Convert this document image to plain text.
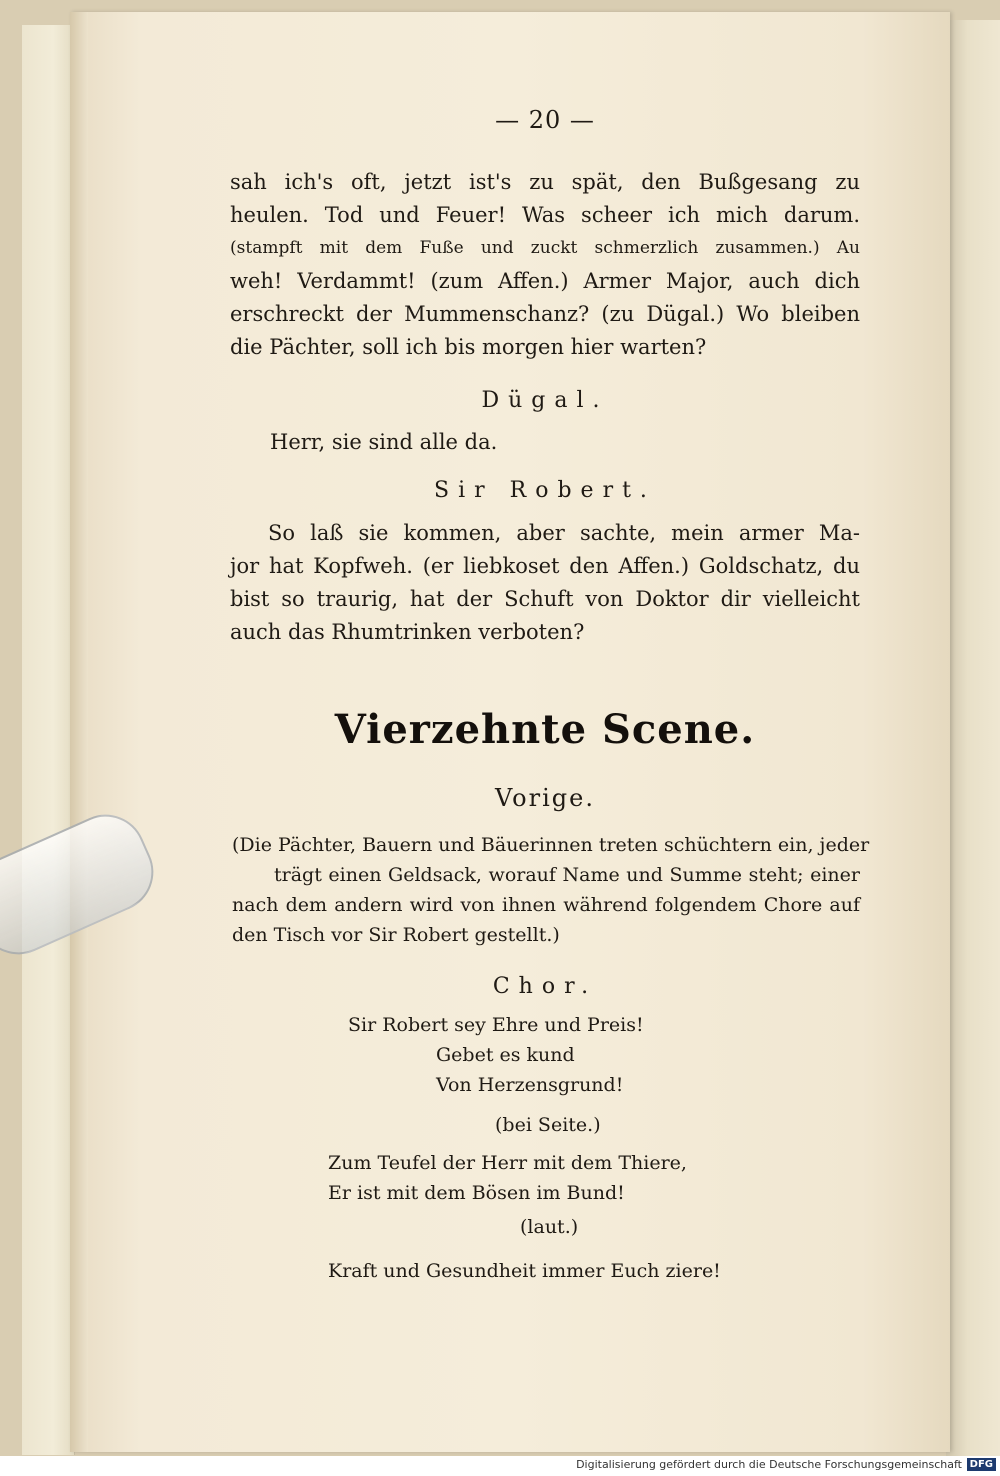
— 20 —
sah ich's oft, jetzt ist's zu spät, den Bußgesang zu
heulen. Tod und Feuer! Was scheer ich mich darum.
(stampft mit dem Fuße und zuckt schmerzlich zusammen.) Au
weh! Verdammt! (zum Affen.) Armer Major, auch dich
erschreckt der Mummenschanz? (zu Dügal.) Wo bleiben
die Pächter, soll ich bis morgen hier warten?
Dügal.
Herr, sie sind alle da.
Sir Robert.
So laß sie kommen, aber sachte, mein armer Ma-
jor hat Kopfweh. (er liebkoset den Affen.) Goldschatz, du
bist so traurig, hat der Schuft von Doktor dir vielleicht
auch das Rhumtrinken verboten?
Vierzehnte Scene.
Vorige.
(Die Pächter, Bauern und Bäuerinnen treten schüchtern ein, jeder
trägt einen Geldsack, worauf Name und Summe steht; einer
nach dem andern wird von ihnen während folgendem Chore auf
den Tisch vor Sir Robert gestellt.)
Chor.
Sir Robert sey Ehre und Preis!
Gebet es kund
Von Herzensgrund!
(bei Seite.)
Zum Teufel der Herr mit dem Thiere,
Er ist mit dem Bösen im Bund!
(laut.)
Kraft und Gesundheit immer Euch ziere!
Digitalisierung gefördert durch die Deutsche Forschungsgemeinschaft DFG
